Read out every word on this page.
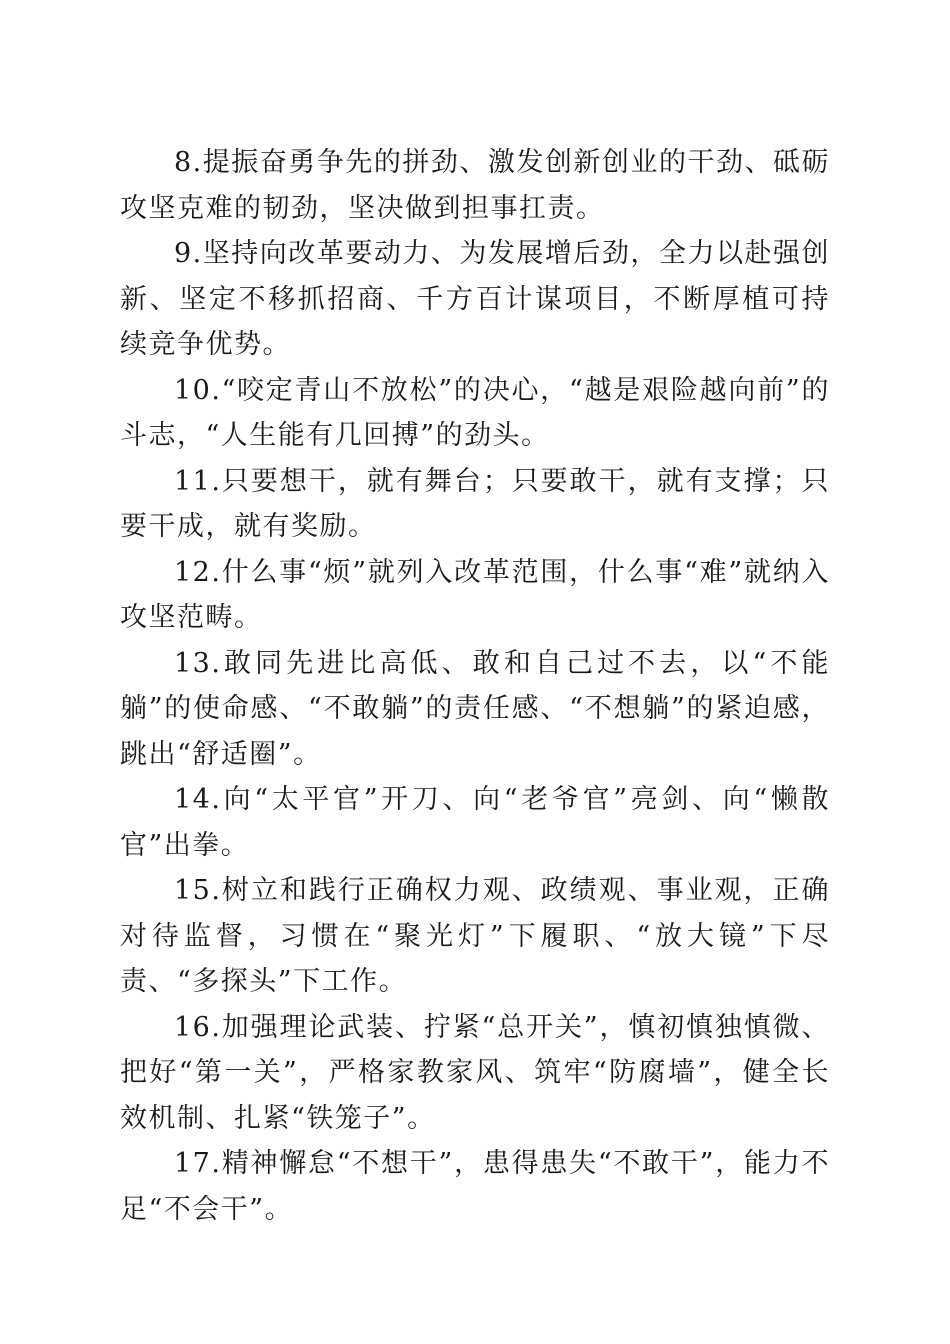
8.提振奋勇争先的拼劲、激发创新创业的干劲、砥砺攻坚克难的韧劲，坚决做到担事扛责。

9.坚持向改革要动力、为发展增后劲，全力以赴强创新、坚定不移抓招商、千方百计谋项目，不断厚植可持续竞争优势。

10.“咬定青山不放松”的决心，“越是艰险越向前”的斗志，“人生能有几回搏”的劲头。

11.只要想干，就有舞台；只要敢干，就有支撑；只要干成，就有奖励。

12.什么事“烦”就列入改革范围，什么事“难”就纳入攻坚范畴。

13.敢同先进比高低、敢和自己过不去，以“不能躺”的使命感、“不敢躺”的责任感、“不想躺”的紧迫感，跳出“舒适圈”。

14.向“太平官”开刀、向“老爷官”亮剑、向“懒散官”出拳。

15.树立和践行正确权力观、政绩观、事业观，正确对待监督，习惯在“聚光灯”下履职、“放大镜”下尽责、“多探头”下工作。

16.加强理论武装、拧紧“总开关”，慎初慎独慎微、把好“第一关”，严格家教家风、筑牢“防腐墙”，健全长效机制、扎紧“铁笼子”。

17.精神懈怠“不想干”，患得患失“不敢干”，能力不足“不会干”。
